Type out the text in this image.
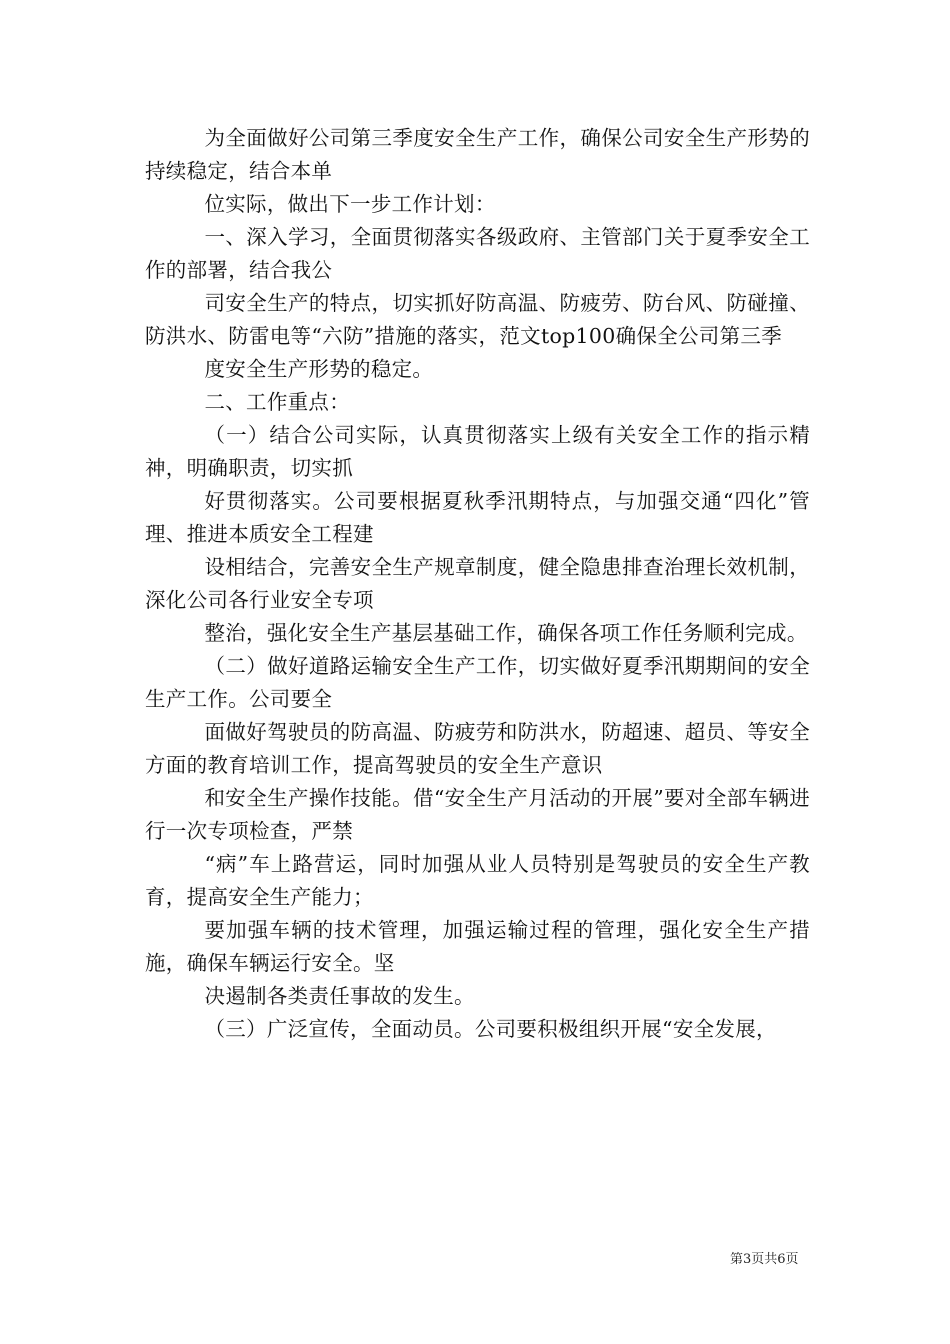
为全面做好公司第三季度安全生产工作，确保公司安全生产形势的持续稳定，结合本单

位实际，做出下一步工作计划：

一、深入学习，全面贯彻落实各级政府、主管部门关于夏季安全工作的部署，结合我公

司安全生产的特点，切实抓好防高温、防疲劳、防台风、防碰撞、防洪水、防雷电等“六防”措施的落实，范文top100确保全公司第三季

度安全生产形势的稳定。

二、工作重点：

（一）结合公司实际，认真贯彻落实上级有关安全工作的指示精神，明确职责，切实抓

好贯彻落实。公司要根据夏秋季汛期特点，与加强交通“四化”管理、推进本质安全工程建

设相结合，完善安全生产规章制度，健全隐患排查治理长效机制，深化公司各行业安全专项

整治，强化安全生产基层基础工作，确保各项工作任务顺利完成。

（二）做好道路运输安全生产工作，切实做好夏季汛期期间的安全生产工作。公司要全

面做好驾驶员的防高温、防疲劳和防洪水，防超速、超员、等安全方面的教育培训工作，提高驾驶员的安全生产意识

和安全生产操作技能。借“安全生产月活动的开展”要对全部车辆进行一次专项检查，严禁

“病”车上路营运，同时加强从业人员特别是驾驶员的安全生产教育，提高安全生产能力；

要加强车辆的技术管理，加强运输过程的管理，强化安全生产措施，确保车辆运行安全。坚

决遏制各类责任事故的发生。

（三）广泛宣传，全面动员。公司要积极组织开展“安全发展，

第3页共6页
